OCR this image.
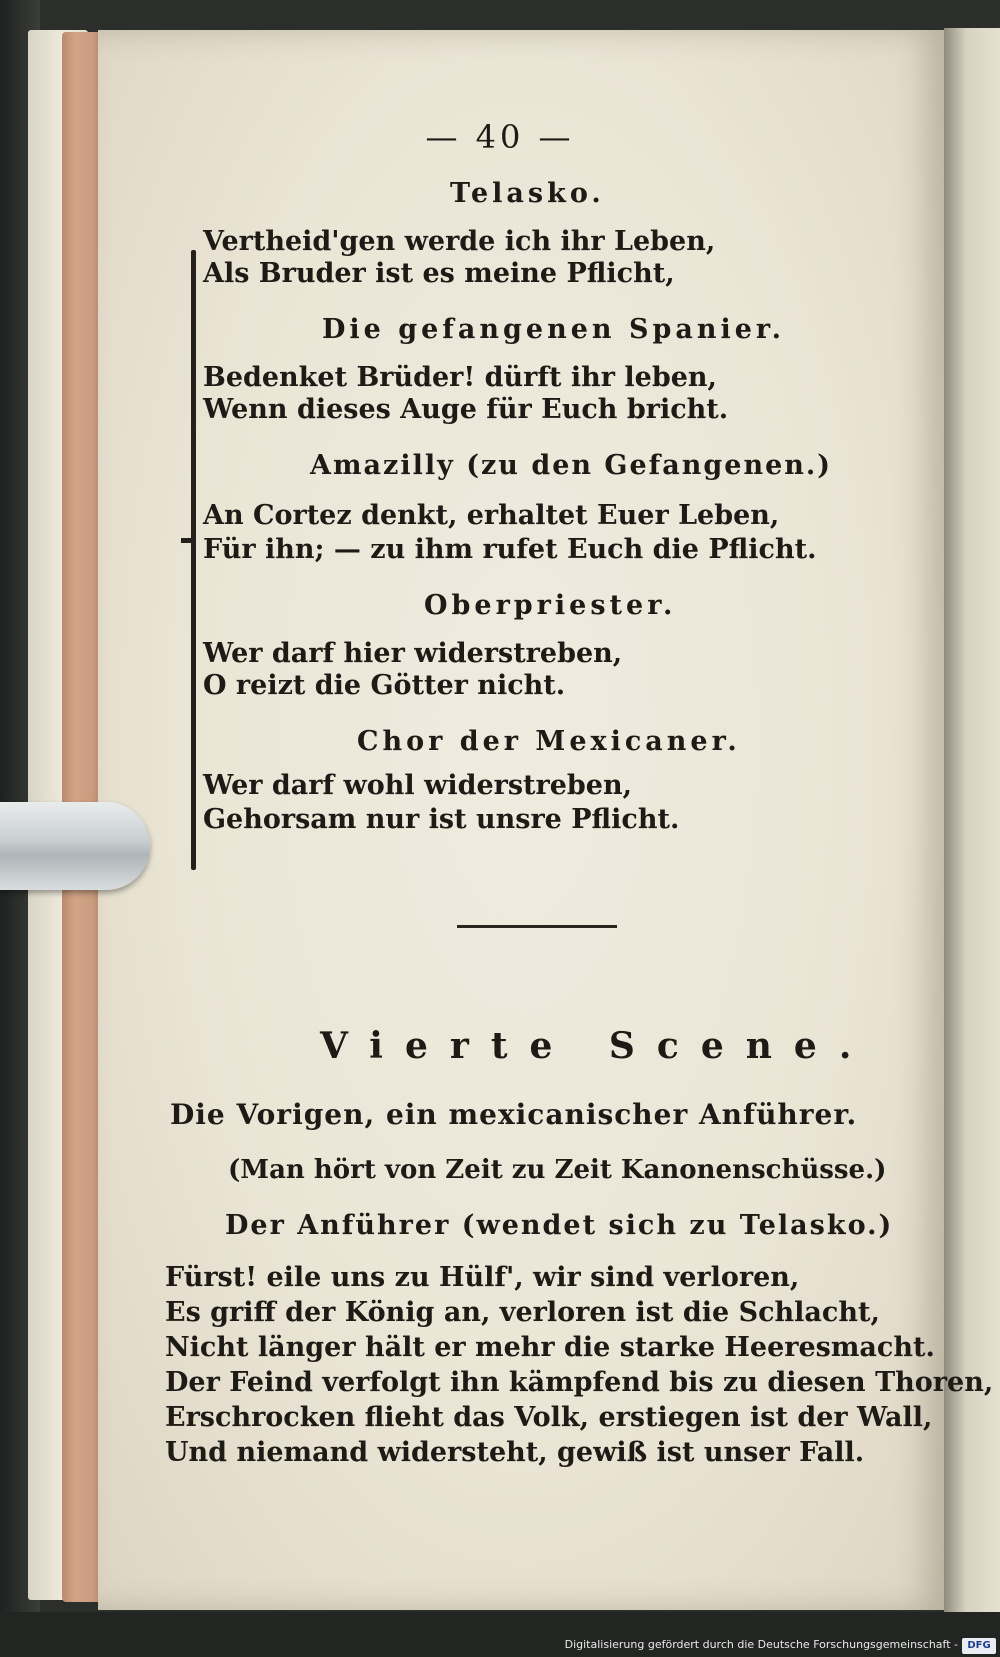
— 40 —
Telasko.
Vertheid'gen werde ich ihr Leben,
Als Bruder ist es meine Pflicht,
Die gefangenen Spanier.
Bedenket Brüder! dürft ihr leben,
Wenn dieses Auge für Euch bricht.
Amazilly (zu den Gefangenen.)
An Cortez denkt, erhaltet Euer Leben,
Für ihn; — zu ihm rufet Euch die Pflicht.
Oberpriester.
Wer darf hier widerstreben,
O reizt die Götter nicht.
Chor der Mexicaner.
Wer darf wohl widerstreben,
Gehorsam nur ist unsre Pflicht.
Vierte Scene.
Die Vorigen, ein mexicanischer Anführer.
(Man hört von Zeit zu Zeit Kanonenschüsse.)
Der Anführer (wendet sich zu Telasko.)
Fürst! eile uns zu Hülf', wir sind verloren,
Es griff der König an, verloren ist die Schlacht,
Nicht länger hält er mehr die starke Heeresmacht.
Der Feind verfolgt ihn kämpfend bis zu diesen Thoren,
Erschrocken flieht das Volk, erstiegen ist der Wall,
Und niemand widersteht, gewiß ist unser Fall.
Digitalisierung gefördert durch die Deutsche Forschungsgemeinschaft - DFG
